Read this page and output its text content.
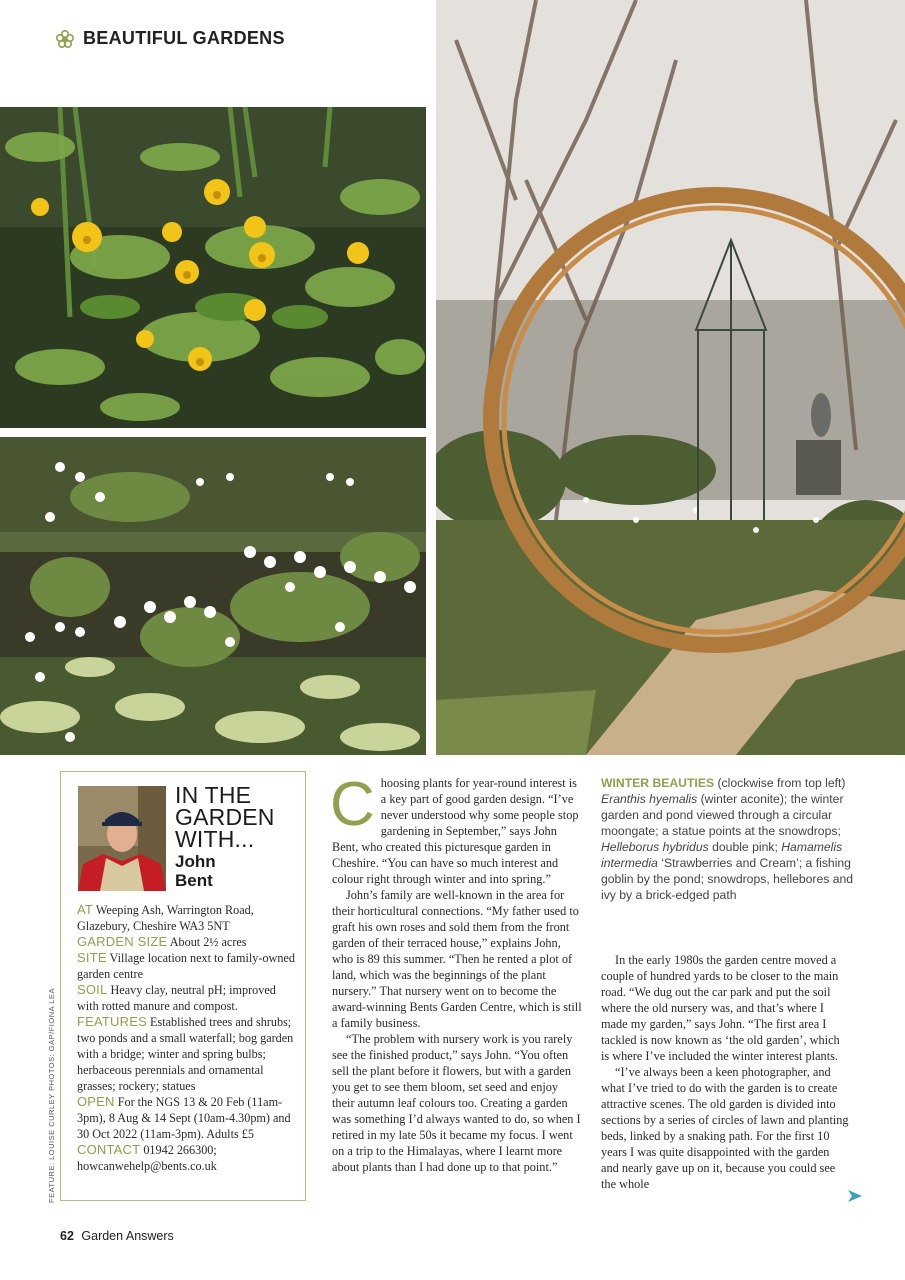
BEAUTIFUL GARDENS
FEATURE: LOUISE CURLEY PHOTOS: GAP/FIONA LEA
IN THE
GARDEN
WITH...
John
Bent

AT Weeping Ash, Warrington Road, Glazebury, Cheshire WA3 5NT

GARDEN SIZE About 2½ acres

SITE Village location next to family-owned garden centre

SOIL Heavy clay, neutral pH; improved with rotted manure and compost.

FEATURES Established trees and shrubs; two ponds and a small waterfall; bog garden with a bridge; winter and spring bulbs; herbaceous perennials and ornamental grasses; rockery; statues

OPEN For the NGS 13 & 20 Feb (11am-3pm), 8 Aug & 14 Sept (10am-4.30pm) and 30 Oct 2022 (11am-3pm). Adults £5

CONTACT 01942 266300; howcanwehelp@bents.co.uk

Choosing plants for year-round interest is a key part of good garden design. “I’ve never understood why some people stop gardening in September,” says John Bent, who created this picturesque garden in Cheshire. “You can have so much interest and colour right through winter and into spring.”

John’s family are well-known in the area for their horticultural connections. “My father used to graft his own roses and sold them from the front garden of their terraced house,” explains John, who is 89 this summer. “Then he rented a plot of land, which was the beginnings of the plant nursery.” That nursery went on to become the award-winning Bents Garden Centre, which is still a family business.

“The problem with nursery work is you rarely see the finished product,” says John. “You often sell the plant before it flowers, but with a garden you get to see them bloom, set seed and enjoy their autumn leaf colours too. Creating a garden was something I’d always wanted to do, so when I retired in my late 50s it became my focus. I went on a trip to the Himalayas, where I learnt more about plants than I had done up to that point.”

WINTER BEAUTIES (clockwise from top left) Eranthis hyemalis (winter aconite); the winter garden and pond viewed through a circular moongate; a statue points at the snowdrops; Helleborus hybridus double pink; Hamamelis intermedia ‘Strawberries and Cream’; a fishing goblin by the pond; snowdrops, hellebores and ivy by a brick-edged path

In the early 1980s the garden centre moved a couple of hundred yards to be closer to the main road. “We dug out the car park and put the soil where the old nursery was, and that’s where I made my garden,” says John. “The first area I tackled is now known as ‘the old garden’, which is where I’ve included the winter interest plants.

“I’ve always been a keen photographer, and what I’ve tried to do with the garden is to create attractive scenes. The old garden is divided into sections by a series of circles of lawn and planting beds, linked by a snaking path. For the first 10 years I was quite disappointed with the garden and nearly gave up on it, because you could see the whole

62 Garden Answers
